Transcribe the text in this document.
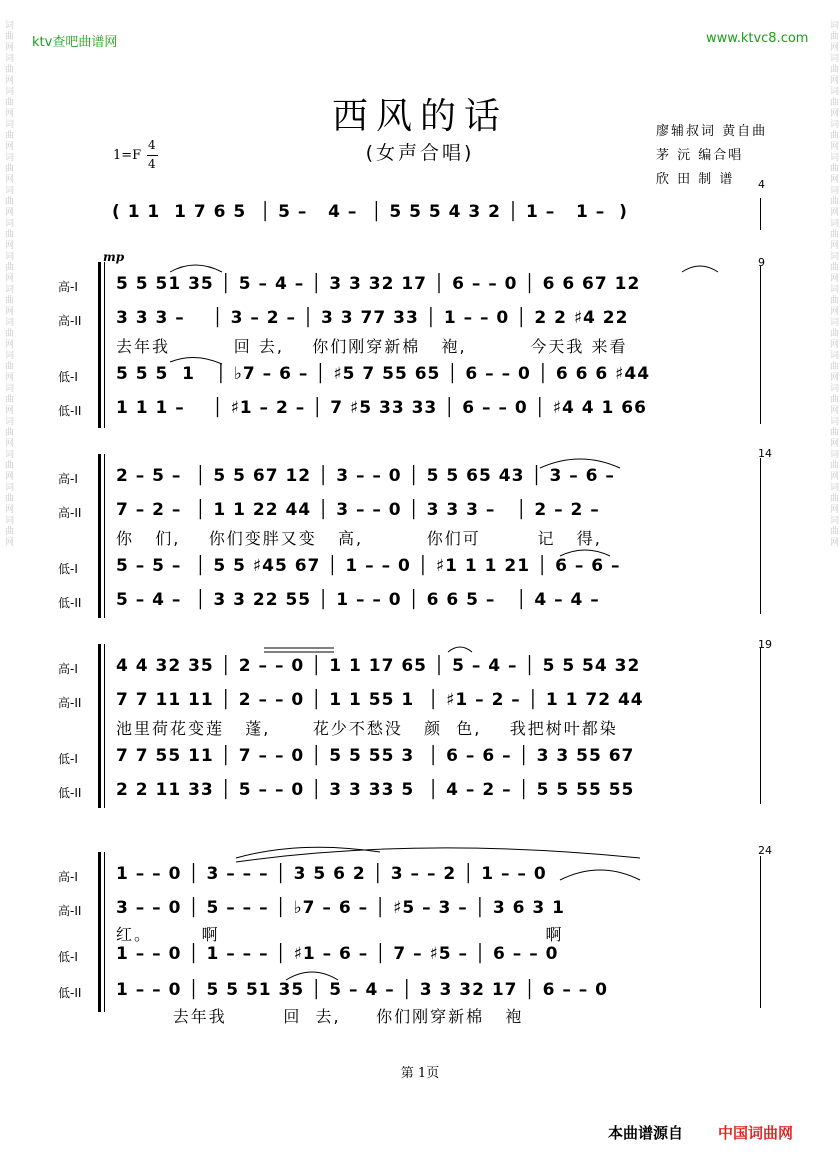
词曲网词曲网词曲网词曲网词曲网词曲网词曲网词曲网词曲网词曲网词曲网词曲网词曲网词曲网词曲网词曲网	词曲网词曲网词曲网词曲网词曲网词曲网词曲网词曲网词曲网词曲网词曲网词曲网词曲网词曲网词曲网词曲网
ktv查吧曲谱网	www.ktvc8.com
西风的话
(女声合唱)
廖辅叔词 黄自曲
茅 沅 编合唱
欣 田 制 谱
1=F
4
4
4
( 1 1  1 7 6 5  │ 5 –   4 –  │ 5 5 5 4 3 2 │ 1 –   1 –  )
9
mp
高-I 5 5 51 35 │ 5 – 4 – │ 3 3 32 17 │ 6 – – 0 │ 6 6 67 12
高-II 3 3 3 –    │ 3 – 2 – │ 3 3 77 33 │ 1 – – 0 │ 2 2 ♯4 22
去年我         回 去,    你们刚穿新棉   袍,         今天我 来看
低-I 5 5 5  1   │ ♭7 – 6 – │ ♯5 7 55 65 │ 6 – – 0 │ 6 6 6 ♯44
低-II 1 1 1 –    │ ♯1 – 2 – │ 7 ♯5 33 33 │ 6 – – 0 │ ♯4 4 1 66
14
高-I 2 – 5 –  │ 5 5 67 12 │ 3 – – 0 │ 5 5 65 43 │ 3 – 6 –
高-II 7 – 2 –  │ 1 1 22 44 │ 3 – – 0 │ 3 3 3 –   │ 2 – 2 –
你   们,    你们变胖又变   高,         你们可        记   得,
低-I 5 – 5 –  │ 5 5 ♯45 67 │ 1 – – 0 │ ♯1 1 1 21 │ 6 – 6 –
低-II 5 – 4 –  │ 3 3 22 55 │ 1 – – 0 │ 6 6 5 –   │ 4 – 4 –
19
高-I 4 4 32 35 │ 2 – – 0 │ 1 1 17 65 │ 5 – 4 – │ 5 5 54 32
高-II 7 7 11 11 │ 2 – – 0 │ 1 1 55 1  │ ♯1 – 2 – │ 1 1 72 44
池里荷花变莲   蓬,      花少不愁没   颜  色,    我把树叶都染
低-I 7 7 55 11 │ 7 – – 0 │ 5 5 55 3  │ 6 – 6 – │ 3 3 55 67
低-II 2 2 11 33 │ 5 – – 0 │ 3 3 33 5  │ 4 – 2 – │ 5 5 55 55
24
高-I 1 – – 0 │ 3 – – – │ 3 5 6 2 │ 3 – – 2 │ 1 – – 0
高-II 3 – – 0 │ 5 – – – │ ♭7 – 6 – │ ♯5 – 3 – │ 3 6 3 1
红。       啊                                              啊
低-I 1 – – 0 │ 1 – – – │ ♯1 – 6 – │ 7 – ♯5 – │ 6 – – 0
低-II 1 – – 0 │ 5 5 51 35 │ 5 – 4 – │ 3 3 32 17 │ 6 – – 0
去年我        回  去,     你们刚穿新棉   袍
第 1页
本曲谱源自 中国词曲网
